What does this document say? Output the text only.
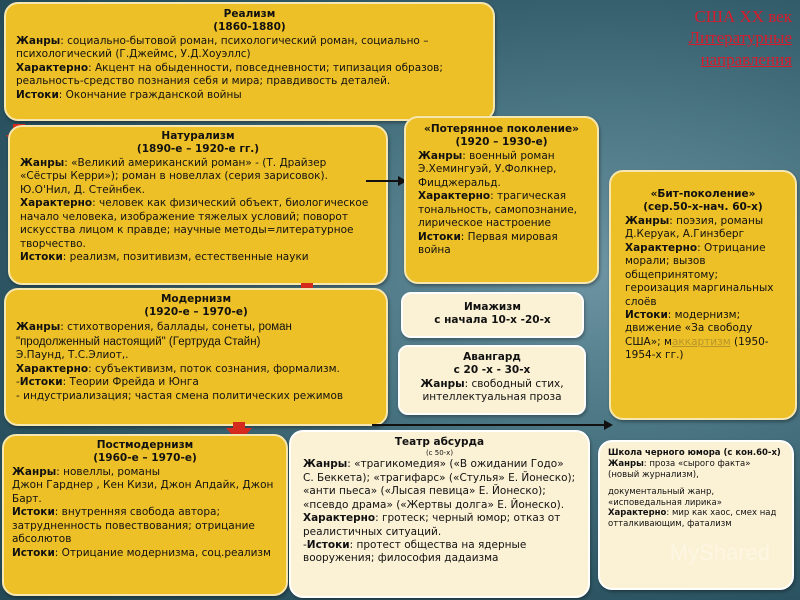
США XX век
Литературные
направления
Реализм
(1860-1880)

Жанры: социально-бытовой роман, психологический роман, социально – психологический (Г.Джеймс, У.Д.Хоуэллс)

Характерно: Акцент на обыденности, повседневности; типизация образов; реальность-средство познания себя и мира; правдивость деталей.

Истоки: Окончание гражданской войны

Натурализм
(1890-е – 1920-е гг.)

Жанры: «Великий американский роман» - (Т. Драйзер «Сёстры Керри»); роман в новеллах (серия зарисовок). Ю.О'Нил, Д. Стейнбек.

Характерно: человек как физический объект, биологическое начало человека, изображение тяжелых условий; поворот искусства лицом к правде; научные методы=литературное творчество.

Истоки: реализм, позитивизм, естественные науки

«Потерянное поколение»
(1920 – 1930-е)

Жанры: военный роман Э.Хемингуэй, У.Фолкнер, Фицджеральд.

Характерно: трагическая тональность, самопознание, лирическое настроение

Истоки: Первая мировая война

«Бит-поколение»
(сер.50-х-нач. 60-х)

Жанры: поэзия, романы Д.Керуак, А.Гинзберг

Характерно: Отрицание морали; вызов общепринятому; героизация маргинальных слоёв

Истоки: модернизм; движение «За свободу США»; маккартизм (1950-1954-х гг.)

Модернизм
(1920-е – 1970-е)

Жанры: стихотворения, баллады, сонеты, роман "продолженный настоящий" (Гертруда Стайн)

Э.Паунд, Т.С.Элиот,.

Характерно: субъективизм, поток сознания, формализм.

-Истоки: Теории Фрейда и Юнга

- индустриализация; частая смена политических режимов

Имажизм
с начала 10-х -20-х
Авангард
с 20 -х - 30-х

Жанры: свободный стих, интеллектуальная проза

Постмодернизм
(1960-е – 1970-е)

Жанры: новеллы, романы

Джон Гарднер , Кен Кизи, Джон Апдайк, Джон Барт.

Истоки: внутренняя свобода автора; затрудненность повествования; отрицание абсолютов

Истоки: Отрицание модернизма, соц.реализм

Театр абсурда
(с 50-х)

Жанры: «трагикомедия» («В ожидании Годо» С. Беккета); «трагифарс» («Стулья» Е. Йонеско); «анти пьеса» («Лысая певица» Е. Йонеско); «псевдо драма» («Жертвы долга» Е. Йонеско).

Характерно: гротеск; черный юмор; отказ от реалистичных ситуаций.

-Истоки: протест общества на ядерные вооружения; философия дадаизма

Школа черного юмора (с кон.60-х)

Жанры: проза «сырого факта» (новый журнализм),

документальный жанр, «исповедальная лирика»

Характерно: мир как хаос, смех над отталкивающим, фатализм

MyShared
